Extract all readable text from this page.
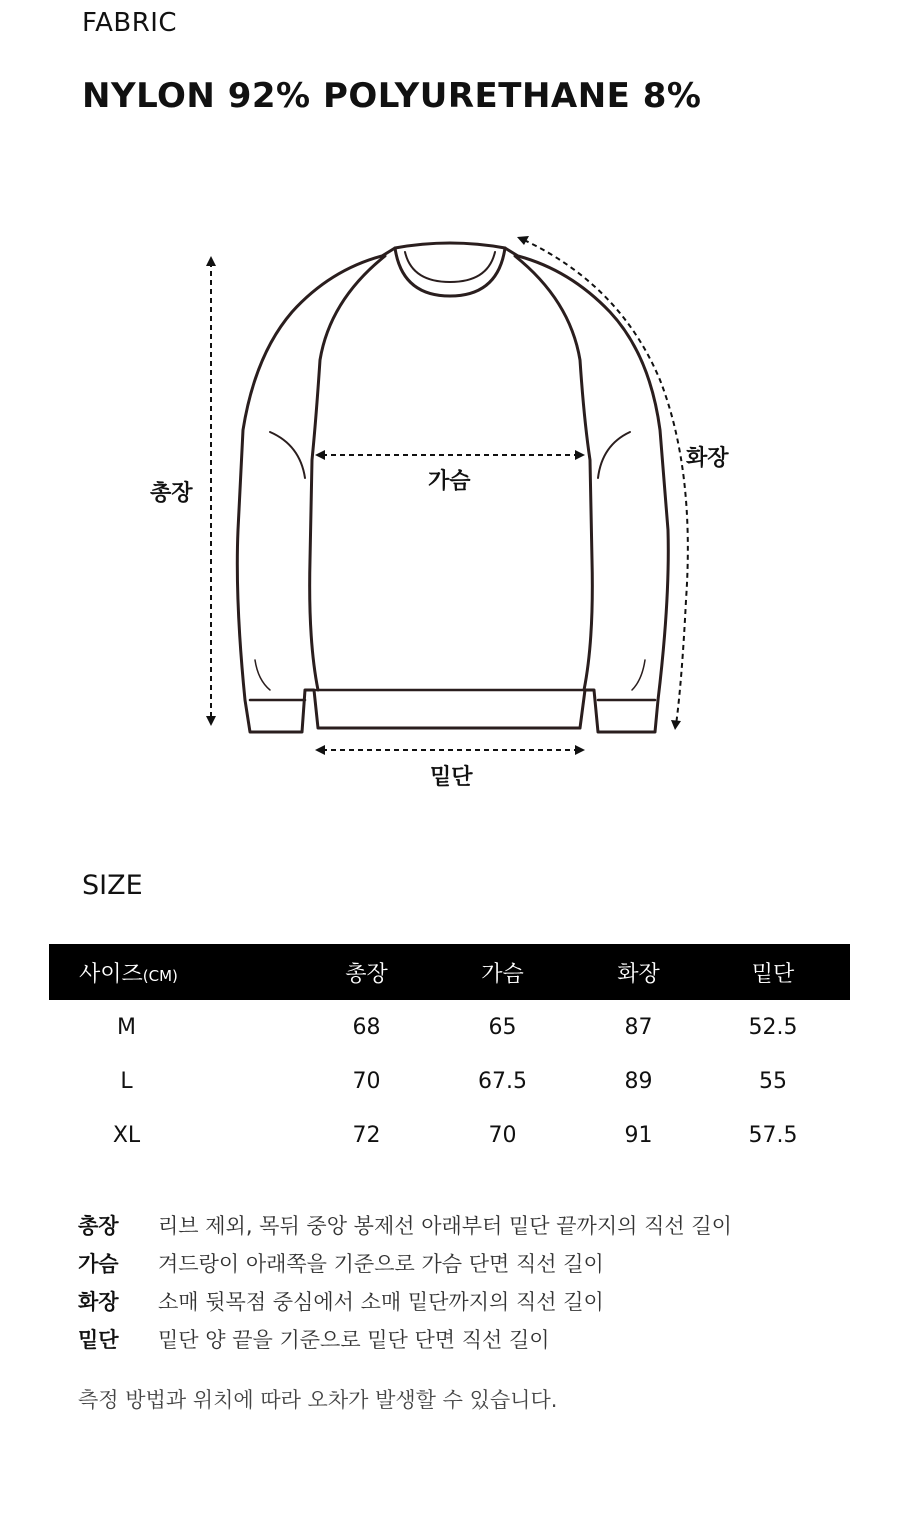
FABRIC
NYLON 92% POLYURETHANE 8%
총장	가슴
화장
밑단
SIZE
사이즈(CM)	총장	가슴	화장	밑단
M	68	65	87	52.5
L	70	67.5	89	55
XL	72	70	91	57.5
총장	리브 제외, 목뒤 중앙 봉제선 아래부터 밑단 끝까지의 직선 길이
가슴	겨드랑이 아래쪽을 기준으로 가슴 단면 직선 길이
화장	소매 뒷목점 중심에서 소매 밑단까지의 직선 길이
밑단	밑단 양 끝을 기준으로 밑단 단면 직선 길이
측정 방법과 위치에 따라 오차가 발생할 수 있습니다.
